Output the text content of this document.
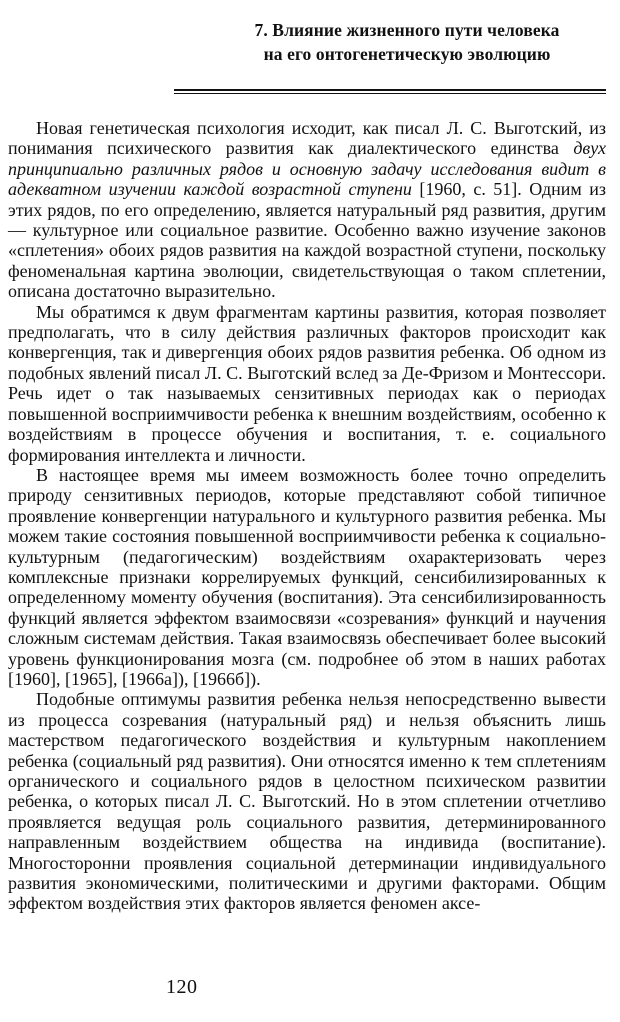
7. Влияние жизненного пути человека
на его онтогенетическую эволюцию

Новая генетическая психология исходит, как писал Л. С. Выготский, из понимания психического развития как диалектического единства двух принципиально различных рядов и основную задачу исследования видит в адекватном изучении каждой возрастной ступени [1960, с. 51]. Одним из этих рядов, по его определению, является натуральный ряд развития, другим — культурное или социальное развитие. Особенно важно изучение законов «сплетения» обоих рядов развития на каждой возрастной ступени, поскольку феноменальная картина эволюции, свидетельствующая о таком сплетении, описана достаточно выразительно.

Мы обратимся к двум фрагментам картины развития, которая позволяет предполагать, что в силу действия различных факторов происходит как конвергенция, так и дивергенция обоих рядов развития ребенка. Об одном из подобных явлений писал Л. С. Выготский вслед за Де-Фризом и Монтессори. Речь идет о так называемых сензитивных периодах как о периодах повышенной восприимчивости ребенка к внешним воздействиям, особенно к воздействиям в процессе обучения и воспитания, т. е. социального формирования интеллекта и личности.

В настоящее время мы имеем возможность более точно определить природу сензитивных периодов, которые представляют собой типичное проявление конвергенции натурального и культурного развития ребенка. Мы можем такие состояния повышенной восприимчивости ребенка к социально-культурным (педагогическим) воздействиям охарактеризовать через комплексные признаки коррелируемых функций, сенсибилизированных к определенному моменту обучения (воспитания). Эта сенсибилизированность функций является эффектом взаимосвязи «созревания» функций и научения сложным системам действия. Такая взаимосвязь обеспечивает более высокий уровень функционирования мозга (см. подробнее об этом в наших работах [1960], [1965], [1966а]), [1966б]).

Подобные оптимумы развития ребенка нельзя непосредственно вывести из процесса созревания (натуральный ряд) и нельзя объяснить лишь мастерством педагогического воздействия и культурным накоплением ребенка (социальный ряд развития). Они относятся именно к тем сплетениям органического и социального рядов в целостном психическом развитии ребенка, о которых писал Л. С. Выготский. Но в этом сплетении отчетливо проявляется ведущая роль социального развития, детерминированного направленным воздействием общества на индивида (воспитание). Многосторонни проявления социальной детерминации индивидуального развития экономическими, политическими и другими факторами. Общим эффектом воздействия этих факторов является феномен аксе-

120
